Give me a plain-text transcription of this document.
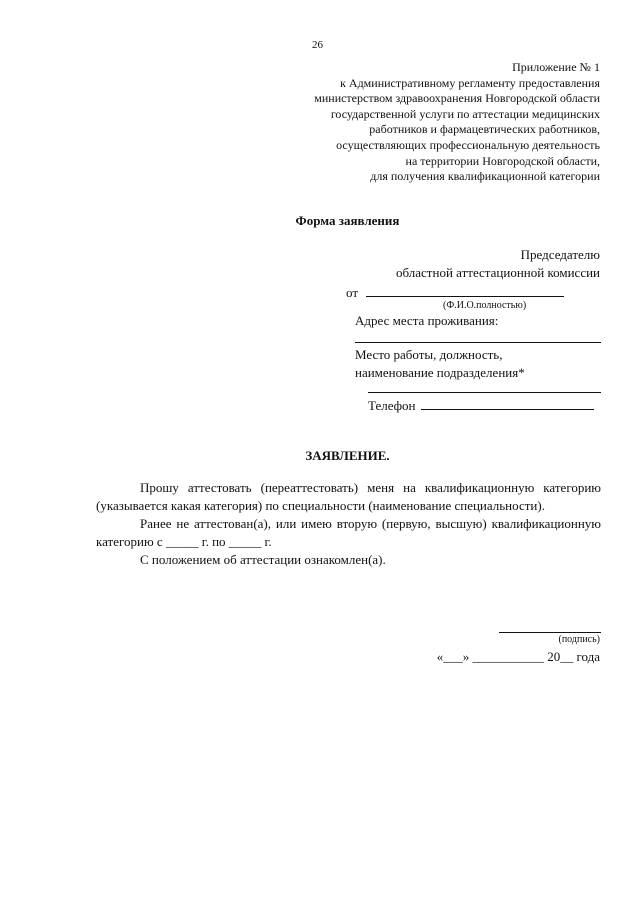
26
Приложение № 1
к Административному регламенту предоставления
министерством здравоохранения Новгородской области
государственной услуги по аттестации медицинских
работников и фармацевтических работников,
осуществляющих профессиональную деятельность
на территории Новгородской области,
для получения квалификационной категории
Форма заявления
Председателю
областной аттестационной комиссии
от
(Ф.И.О.полностью)
Адрес места проживания:
Место работы, должность,
наименование подразделения*
Телефон
ЗАЯВЛЕНИЕ.

Прошу аттестовать (переаттестовать) меня на квалификационную категорию (указывается какая категория) по специальности (наименование специальности).

Ранее не аттестован(а), или имею вторую (первую, высшую) квалификационную категорию с _____ г. по _____ г.

С положением об аттестации ознакомлен(а).

(подпись)
«___» ___________ 20__ года
